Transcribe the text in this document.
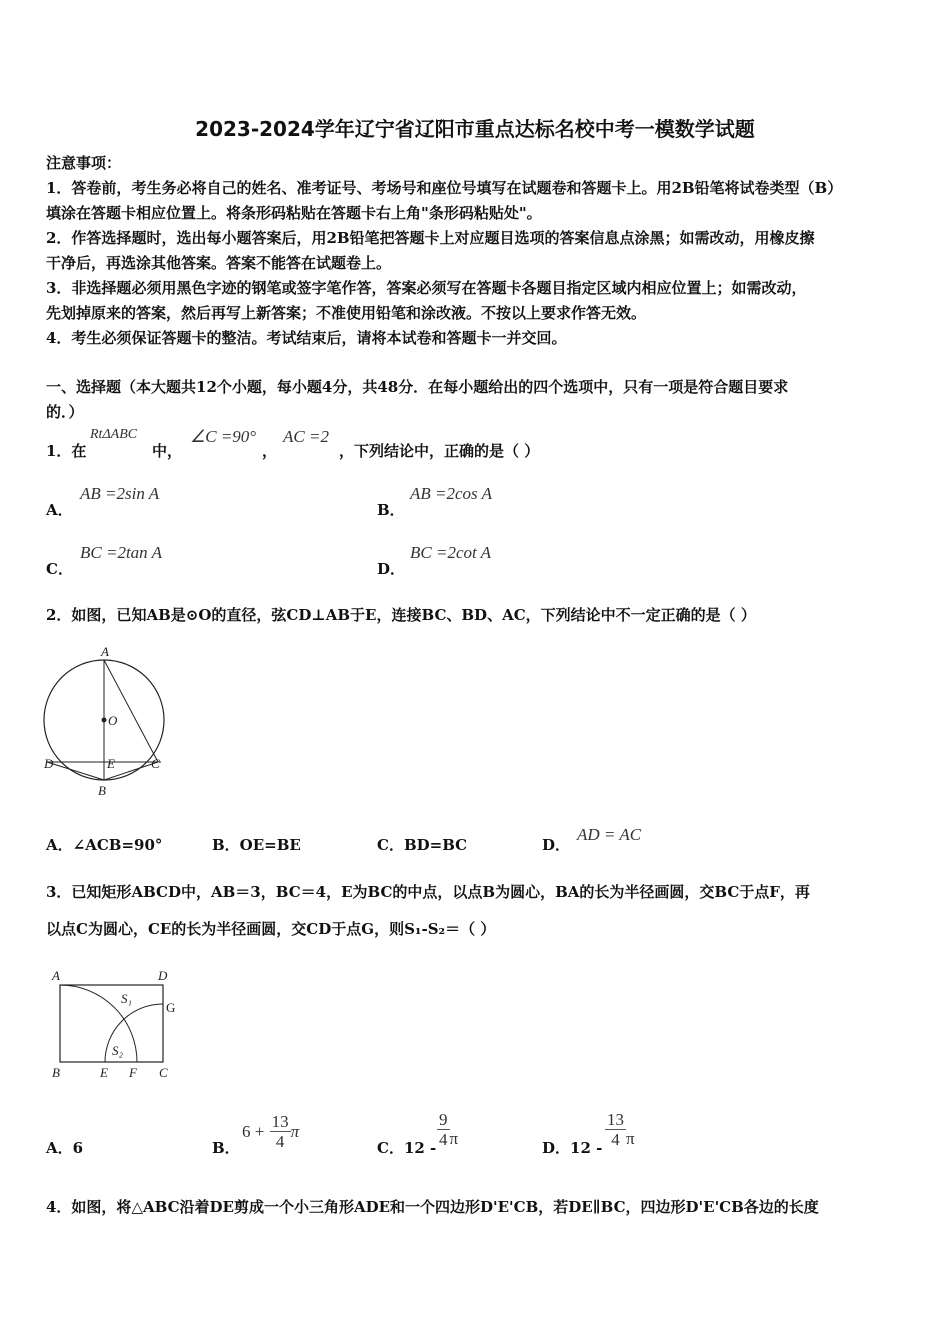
2023-2024学年辽宁省辽阳市重点达标名校中考一模数学试题
注意事项：
1．答卷前，考生务必将自己的姓名、准考证号、考场号和座位号填写在试题卷和答题卡上。用2B铅笔将试卷类型（B）
填涂在答题卡相应位置上。将条形码粘贴在答题卡右上角"条形码粘贴处"。
2．作答选择题时，选出每小题答案后，用2B铅笔把答题卡上对应题目选项的答案信息点涂黑；如需改动，用橡皮擦
干净后，再选涂其他答案。答案不能答在试题卷上。
3．非选择题必须用黑色字迹的钢笔或签字笔作答，答案必须写在答题卡各题目指定区域内相应位置上；如需改动，
先划掉原来的答案，然后再写上新答案；不准使用铅笔和涂改液。不按以上要求作答无效。
4．考生必须保证答题卡的整洁。考试结束后，请将本试卷和答题卡一并交回。
一、选择题（本大题共12个小题，每小题4分，共48分．在每小题给出的四个选项中，只有一项是符合题目要求
的．）
1．在
RtΔABC
中，
∠C =90°
，
AC =2
，下列结论中，正确的是（ ）
A．
AB =2sin A
B．
AB =2cos A
C．
BC =2tan A
D．
BC =2cot A
2．如图，已知AB是⊙O的直径，弦CD⊥AB于E，连接BC、BD、AC，下列结论中不一定正确的是（ ）
A
O
D	E	C
B
A．∠ACB=90°	B．OE=BE	C．BD=BC	D．
AD = AC
3．已知矩形ABCD中，AB＝3，BC＝4，E为BC的中点，以点B为圆心，BA的长为半径画圆，交BC于点F，再
以点C为圆心，CE的长为半径画圆，交CD于点G，则S₁-S₂＝（ ）
A	D
S₁
G
S₂
B	E F C
A．6	B．
$6 + \frac{13}{4}$ π
C．$12 - \frac{9}{4}$ π	D．$12 - \frac{13}{4}$ π
4．如图，将△ABC沿着DE剪成一个小三角形ADE和一个四边形D'E'CB，若DE∥BC，四边形D'E'CB各边的长度
